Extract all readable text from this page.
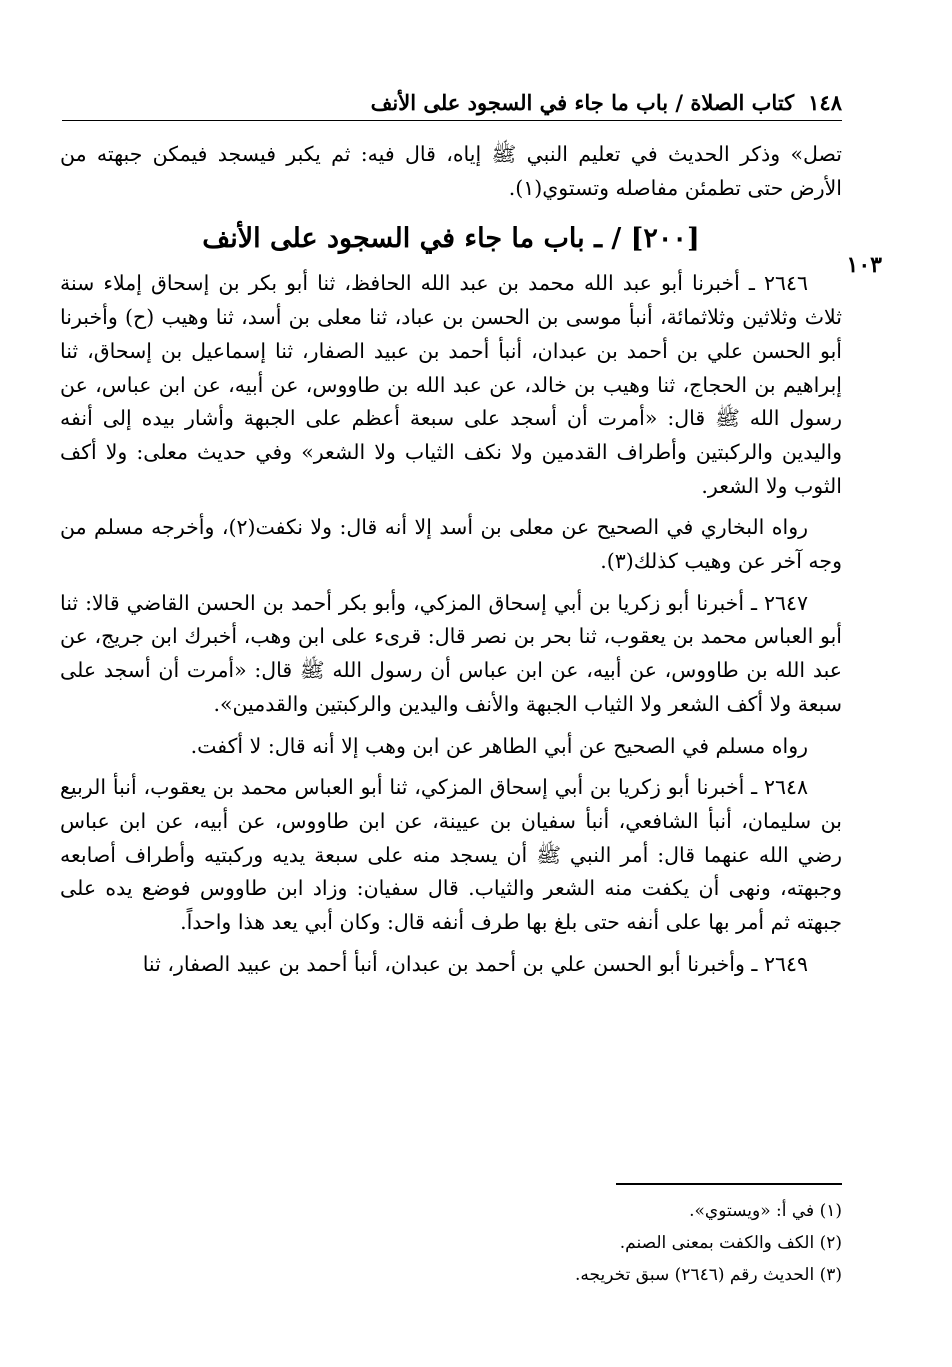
١٤٨
كتاب الصلاة / باب ما جاء في السجود على الأنف
١٠٣

تصل» وذكر الحديث في تعليم النبي ﷺ إياه، قال فيه: ثم يكبر فيسجد فيمكن جبهته من الأرض حتى تطمئن مفاصله وتستوي(١).

[٢٠٠] / ـ باب ما جاء في السجود على الأنف

٢٦٤٦ ـ أخبرنا أبو عبد الله محمد بن عبد الله الحافظ، ثنا أبو بكر بن إسحاق إملاء سنة ثلاث وثلاثين وثلاثمائة، أنبأ موسى بن الحسن بن عباد، ثنا معلى بن أسد، ثنا وهيب (ح) وأخبرنا أبو الحسن علي بن أحمد بن عبدان، أنبأ أحمد بن عبيد الصفار، ثنا إسماعيل بن إسحاق، ثنا إبراهيم بن الحجاج، ثنا وهيب بن خالد، عن عبد الله بن طاووس، عن أبيه، عن ابن عباس، عن رسول الله ﷺ قال: «أمرت أن أسجد على سبعة أعظم على الجبهة وأشار بيده إلى أنفه واليدين والركبتين وأطراف القدمين ولا نكف الثياب ولا الشعر» وفي حديث معلى: ولا أكف الثوب ولا الشعر.

رواه البخاري في الصحيح عن معلى بن أسد إلا أنه قال: ولا نكفت(٢)، وأخرجه مسلم من وجه آخر عن وهيب كذلك(٣).

٢٦٤٧ ـ أخبرنا أبو زكريا بن أبي إسحاق المزكي، وأبو بكر أحمد بن الحسن القاضي قالا: ثنا أبو العباس محمد بن يعقوب، ثنا بحر بن نصر قال: قرىء على ابن وهب، أخبرك ابن جريج، عن عبد الله بن طاووس، عن أبيه، عن ابن عباس أن رسول الله ﷺ قال: «أمرت أن أسجد على سبعة ولا أكف الشعر ولا الثياب الجبهة والأنف واليدين والركبتين والقدمين».

رواه مسلم في الصحيح عن أبي الطاهر عن ابن وهب إلا أنه قال: لا أكفت.

٢٦٤٨ ـ أخبرنا أبو زكريا بن أبي إسحاق المزكي، ثنا أبو العباس محمد بن يعقوب، أنبأ الربيع بن سليمان، أنبأ الشافعي، أنبأ سفيان بن عيينة، عن ابن طاووس، عن أبيه، عن ابن عباس رضي الله عنهما قال: أمر النبي ﷺ أن يسجد منه على سبعة يديه وركبتيه وأطراف أصابعه وجبهته، ونهى أن يكفت منه الشعر والثياب. قال سفيان: وزاد ابن طاووس فوضع يده على جبهته ثم أمر بها على أنفه حتى بلغ بها طرف أنفه قال: وكان أبي يعد هذا واحداً.

٢٦٤٩ ـ وأخبرنا أبو الحسن علي بن أحمد بن عبدان، أنبأ أحمد بن عبيد الصفار، ثنا

(١) في أ: «ويستوي».
(٢) الكف والكفت بمعنى الصنم.
(٣) الحديث رقم (٢٦٤٦) سبق تخريجه.
